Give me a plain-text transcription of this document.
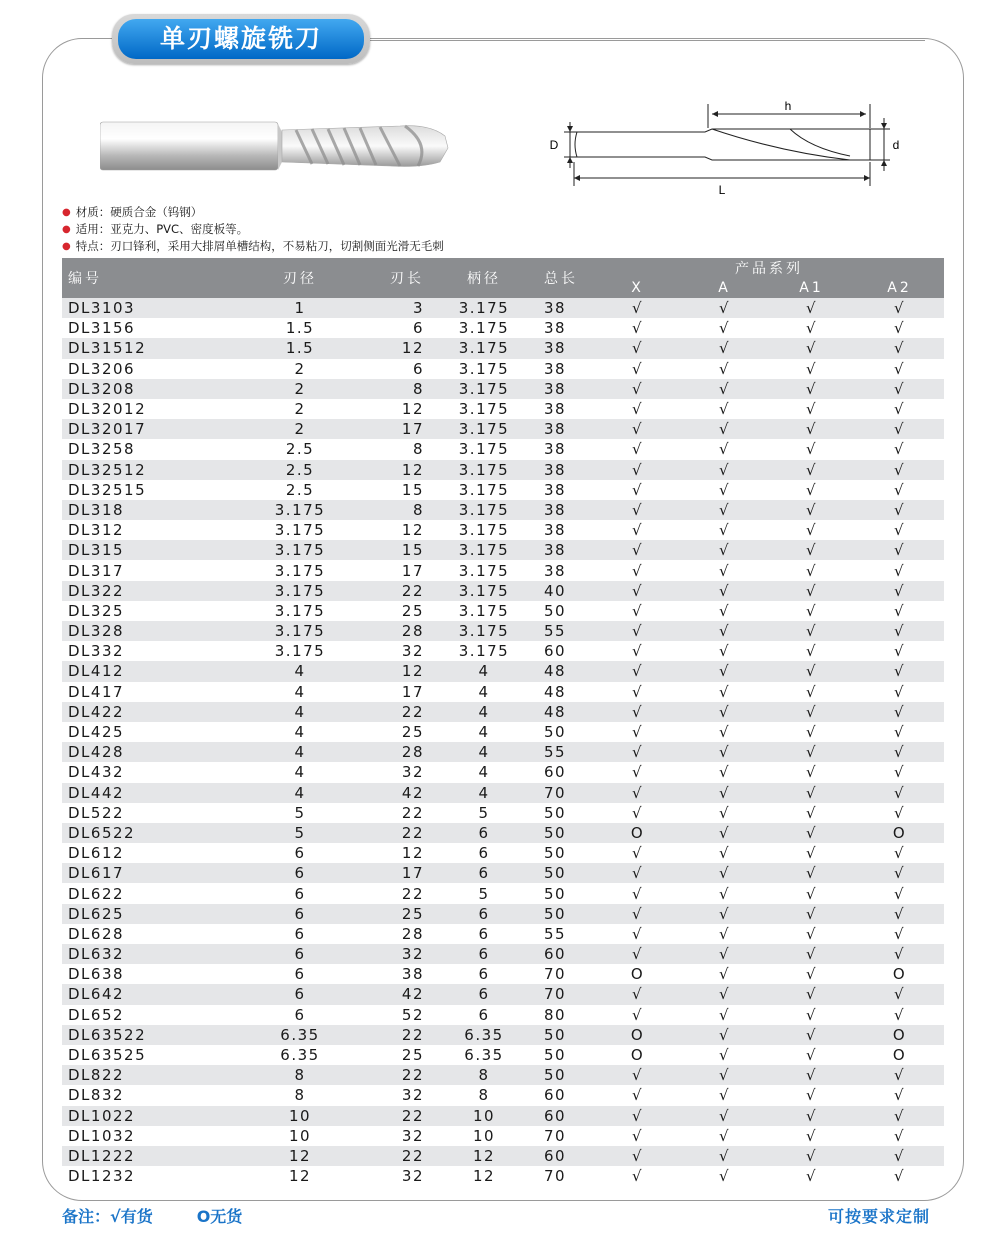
单刃螺旋铣刀
h
D	d
L
● 材质：硬质合金（钨钢）
● 适用：亚克力、PVC、密度板等。
● 特点：刃口锋利，采用大排屑单槽结构，不易粘刀，切割侧面光滑无毛刺
编号	刃径	刃长	柄径	总长	产品系列			
					X	A	A1	A2
DL3103	1	3	3.175	38	√	√	√	√
DL3156	1.5	6	3.175	38	√	√	√	√
DL31512	1.5	12	3.175	38	√	√	√	√
DL3206	2	6	3.175	38	√	√	√	√
DL3208	2	8	3.175	38	√	√	√	√
DL32012	2	12	3.175	38	√	√	√	√
DL32017	2	17	3.175	38	√	√	√	√
DL3258	2.5	8	3.175	38	√	√	√	√
DL32512	2.5	12	3.175	38	√	√	√	√
DL32515	2.5	15	3.175	38	√	√	√	√
DL318	3.175	8	3.175	38	√	√	√	√
DL312	3.175	12	3.175	38	√	√	√	√
DL315	3.175	15	3.175	38	√	√	√	√
DL317	3.175	17	3.175	38	√	√	√	√
DL322	3.175	22	3.175	40	√	√	√	√
DL325	3.175	25	3.175	50	√	√	√	√
DL328	3.175	28	3.175	55	√	√	√	√
DL332	3.175	32	3.175	60	√	√	√	√
DL412	4	12	4	48	√	√	√	√
DL417	4	17	4	48	√	√	√	√
DL422	4	22	4	48	√	√	√	√
DL425	4	25	4	50	√	√	√	√
DL428	4	28	4	55	√	√	√	√
DL432	4	32	4	60	√	√	√	√
DL442	4	42	4	70	√	√	√	√
DL522	5	22	5	50	√	√	√	√
DL6522	5	22	6	50	O	√	√	O
DL612	6	12	6	50	√	√	√	√
DL617	6	17	6	50	√	√	√	√
DL622	6	22	5	50	√	√	√	√
DL625	6	25	6	50	√	√	√	√
DL628	6	28	6	55	√	√	√	√
DL632	6	32	6	60	√	√	√	√
DL638	6	38	6	70	O	√	√	O
DL642	6	42	6	70	√	√	√	√
DL652	6	52	6	80	√	√	√	√
DL63522	6.35	22	6.35	50	O	√	√	O
DL63525	6.35	25	6.35	50	O	√	√	O
DL822	8	22	8	50	√	√	√	√
DL832	8	32	8	60	√	√	√	√
DL1022	10	22	10	60	√	√	√	√
DL1032	10	32	10	70	√	√	√	√
DL1222	12	22	12	60	√	√	√	√
DL1232	12	32	12	70	√	√	√	√
备注：√有货	O无货	可按要求定制
